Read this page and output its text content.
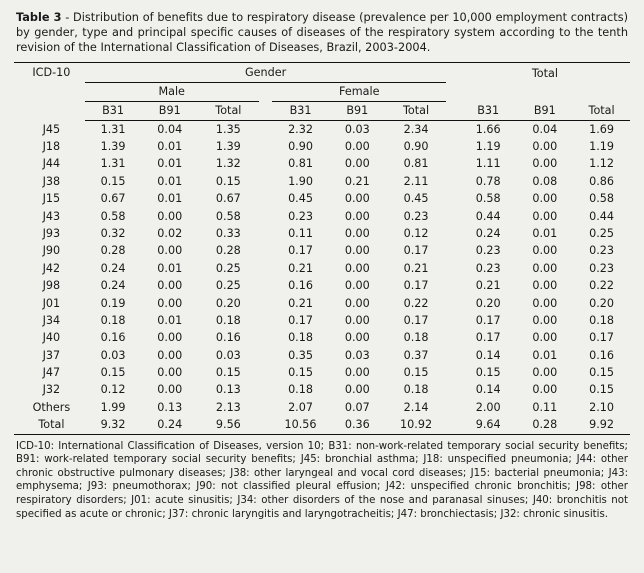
Table 3 - Distribution of benefits due to respiratory disease (prevalence per 10,000 employment contracts) by gender, type and principal specific causes of diseases of the respiratory system according to the tenth revision of the International Classification of Diseases, Brazil, 2003-2004.
ICD-10	Gender								Total		
	Male				Female						
	B31	B91	Total		B31	B91	Total		B31	B91	Total
J45	1.31	0.04	1.35		2.32	0.03	2.34		1.66	0.04	1.69
J18	1.39	0.01	1.39		0.90	0.00	0.90		1.19	0.00	1.19
J44	1.31	0.01	1.32		0.81	0.00	0.81		1.11	0.00	1.12
J38	0.15	0.01	0.15		1.90	0.21	2.11		0.78	0.08	0.86
J15	0.67	0.01	0.67		0.45	0.00	0.45		0.58	0.00	0.58
J43	0.58	0.00	0.58		0.23	0.00	0.23		0.44	0.00	0.44
J93	0.32	0.02	0.33		0.11	0.00	0.12		0.24	0.01	0.25
J90	0.28	0.00	0.28		0.17	0.00	0.17		0.23	0.00	0.23
J42	0.24	0.01	0.25		0.21	0.00	0.21		0.23	0.00	0.23
J98	0.24	0.00	0.25		0.16	0.00	0.17		0.21	0.00	0.22
J01	0.19	0.00	0.20		0.21	0.00	0.22		0.20	0.00	0.20
J34	0.18	0.01	0.18		0.17	0.00	0.17		0.17	0.00	0.18
J40	0.16	0.00	0.16		0.18	0.00	0.18		0.17	0.00	0.17
J37	0.03	0.00	0.03		0.35	0.03	0.37		0.14	0.01	0.16
J47	0.15	0.00	0.15		0.15	0.00	0.15		0.15	0.00	0.15
J32	0.12	0.00	0.13		0.18	0.00	0.18		0.14	0.00	0.15
Others	1.99	0.13	2.13		2.07	0.07	2.14		2.00	0.11	2.10
Total	9.32	0.24	9.56		10.56	0.36	10.92		9.64	0.28	9.92
ICD-10: International Classification of Diseases, version 10; B31: non-work-related temporary social security benefits; B91: work-related temporary social security benefits; J45: bronchial asthma; J18: unspecified pneumonia; J44: other chronic obstructive pulmonary diseases; J38: other laryngeal and vocal cord diseases; J15: bacterial pneumonia; J43: emphysema; J93: pneumothorax; J90: not classified pleural effusion; J42: unspecified chronic bronchitis; J98: other respiratory disorders; J01: acute sinusitis; J34: other disorders of the nose and paranasal sinuses; J40: bronchitis not specified as acute or chronic; J37: chronic laryngitis and laryngotracheitis; J47: bronchiectasis; J32: chronic sinusitis.
